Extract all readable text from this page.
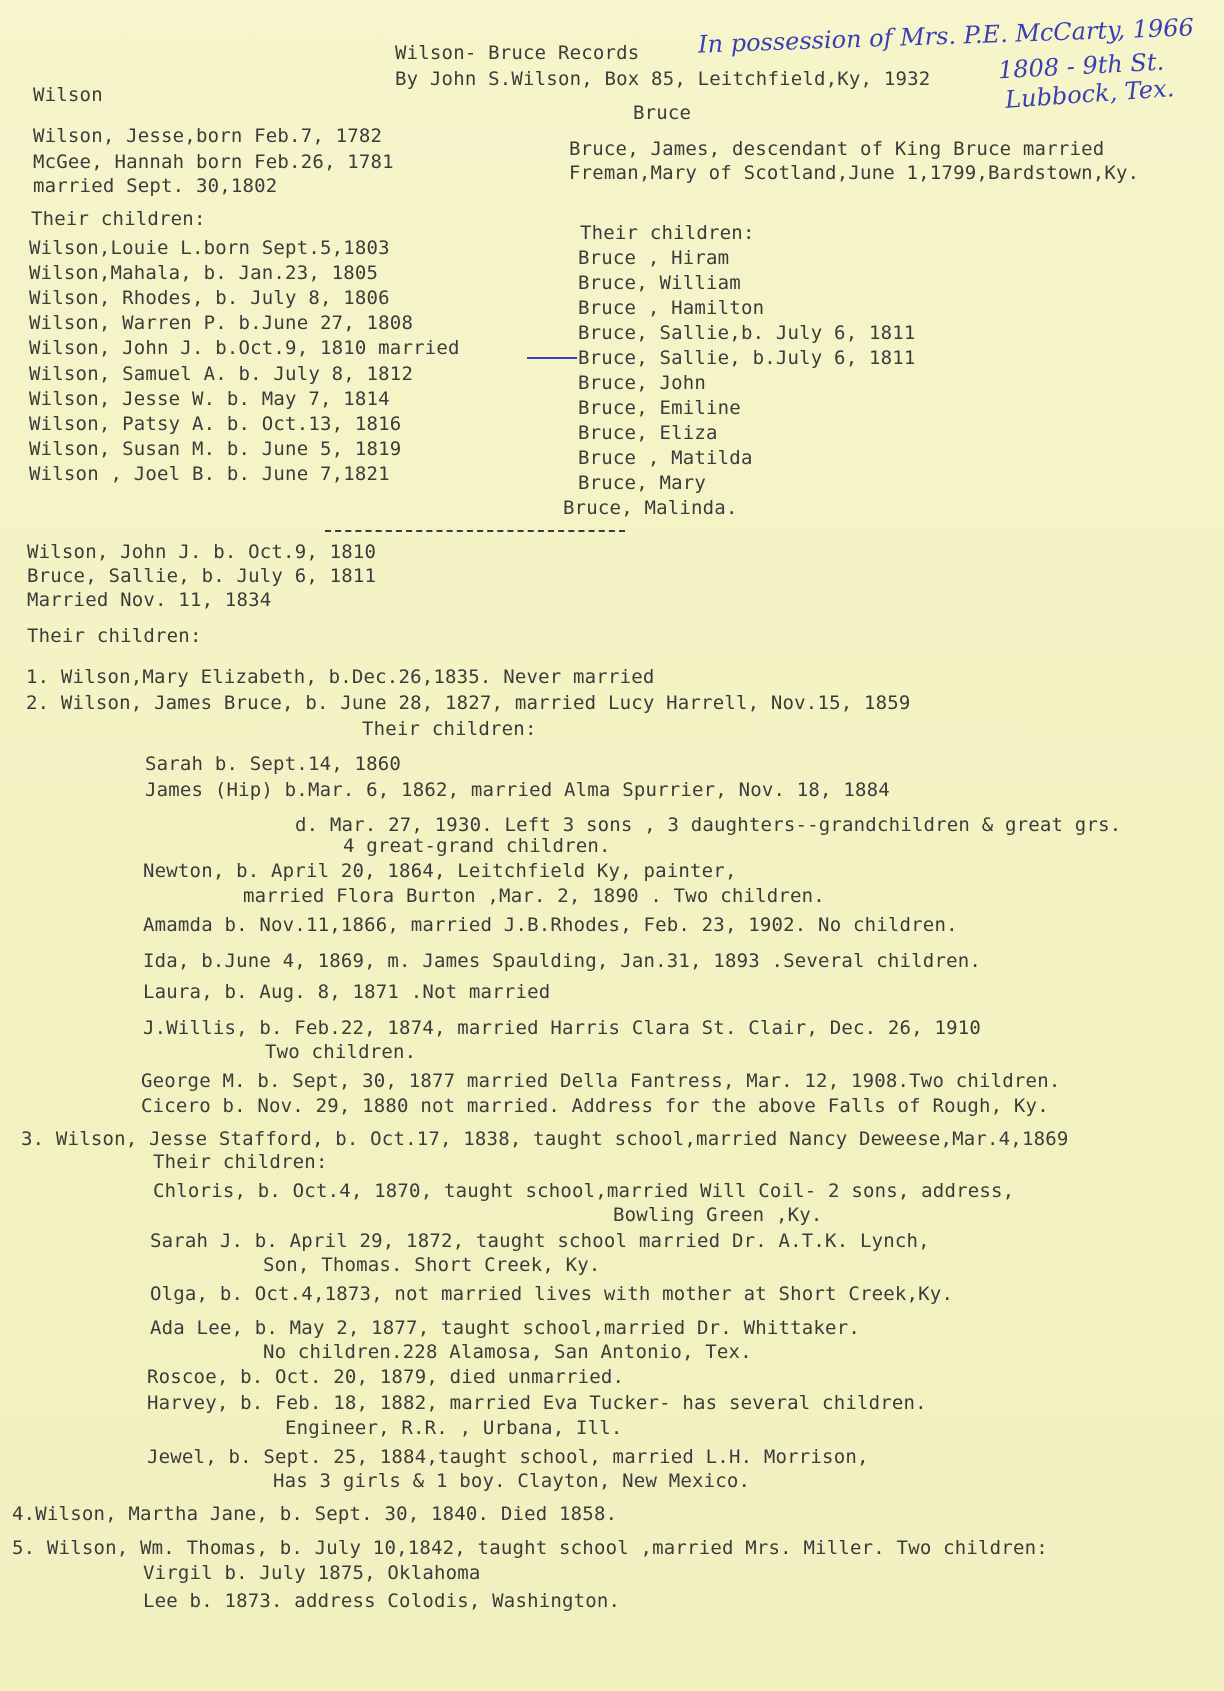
Wilson- Bruce Records
By John S.Wilson, Box 85, Leitchfield,Ky, 1932
Wilson
Bruce
In possession of Mrs. P.E. McCarty, 1966
1808 - 9th St.
Lubbock, Tex.
Wilson, Jesse,born Feb.7, 1782
McGee, Hannah born Feb.26, 1781
married Sept. 30,1802
Bruce, James, descendant of King Bruce married
Freman,Mary of Scotland,June 1,1799,Bardstown,Ky.
Their children:
Wilson,Louie L.born Sept.5,1803
Wilson,Mahala, b. Jan.23, 1805
Wilson, Rhodes, b. July 8, 1806
Wilson, Warren P. b.June 27, 1808
Wilson, John J. b.Oct.9, 1810 married
Wilson, Samuel A. b. July 8, 1812
Wilson, Jesse W. b. May 7, 1814
Wilson, Patsy A. b. Oct.13, 1816
Wilson, Susan M. b. June 5, 1819
Wilson , Joel B. b. June 7,1821
Their children:
Bruce , Hiram
Bruce, William
Bruce , Hamilton
Bruce, Sallie,b. July 6, 1811
Bruce, Sallie, b.July 6, 1811
Bruce, John
Bruce, Emiline
Bruce, Eliza
Bruce , Matilda
Bruce, Mary
Bruce, Malinda.
Wilson, John J. b. Oct.9, 1810
Bruce, Sallie, b. July 6, 1811
Married Nov. 11, 1834
Their children:
1. Wilson,Mary Elizabeth, b.Dec.26,1835. Never married
2. Wilson, James Bruce, b. June 28, 1827, married Lucy Harrell, Nov.15, 1859
Their children:
Sarah b. Sept.14, 1860
James (Hip) b.Mar. 6, 1862, married Alma Spurrier, Nov. 18, 1884
d. Mar. 27, 1930. Left 3 sons , 3 daughters--grandchildren & great grs.
4 great-grand children.
Newton, b. April 20, 1864, Leitchfield Ky, painter,
married Flora Burton ,Mar. 2, 1890 . Two children.
Amamda b. Nov.11,1866, married J.B.Rhodes, Feb. 23, 1902. No children.
Ida, b.June 4, 1869, m. James Spaulding, Jan.31, 1893 .Several children.
Laura, b. Aug. 8, 1871 .Not married
J.Willis, b. Feb.22, 1874, married Harris Clara St. Clair, Dec. 26, 1910
Two children.
George M. b. Sept, 30, 1877 married Della Fantress, Mar. 12, 1908.Two children.
Cicero b. Nov. 29, 1880 not married. Address for the above Falls of Rough, Ky.
3. Wilson, Jesse Stafford, b. Oct.17, 1838, taught school,married Nancy Deweese,Mar.4,1869
Their children:
Chloris, b. Oct.4, 1870, taught school,married Will Coil- 2 sons, address,
Bowling Green ,Ky.
Sarah J. b. April 29, 1872, taught school married Dr. A.T.K. Lynch,
Son, Thomas. Short Creek, Ky.
Olga, b. Oct.4,1873, not married lives with mother at Short Creek,Ky.
Ada Lee, b. May 2, 1877, taught school,married Dr. Whittaker.
No children.228 Alamosa, San Antonio, Tex.
Roscoe, b. Oct. 20, 1879, died unmarried.
Harvey, b. Feb. 18, 1882, married Eva Tucker- has several children.
Engineer, R.R. , Urbana, Ill.
Jewel, b. Sept. 25, 1884,taught school, married L.H. Morrison,
Has 3 girls & 1 boy. Clayton, New Mexico.
4.Wilson, Martha Jane, b. Sept. 30, 1840. Died 1858.
5. Wilson, Wm. Thomas, b. July 10,1842, taught school ,married Mrs. Miller. Two children:
Virgil b. July 1875, Oklahoma
Lee b. 1873. address Colodis, Washington.
